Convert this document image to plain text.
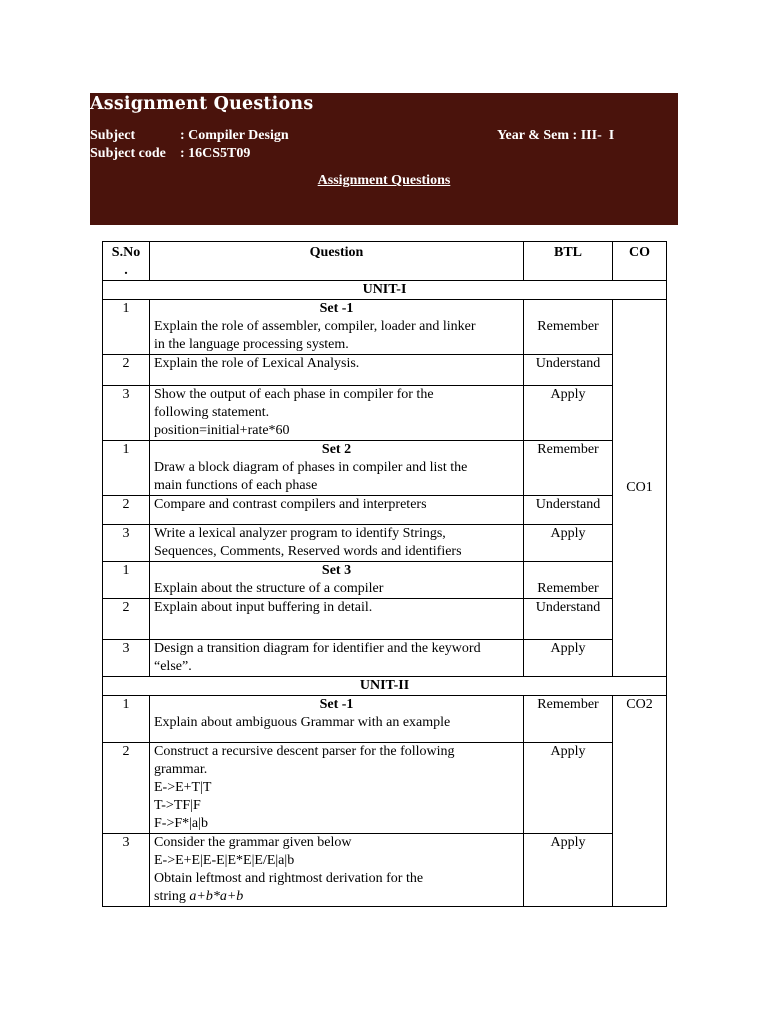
Assignment Questions
Subject	: Compiler Design
Subject code : 16CS5T09
Year & Sem : III-  I
Assignment Questions
S.No
.	Question	BTL	CO
UNIT-I			
1	Set -1
Explain the role of assembler, compiler, loader and linker
in the language processing system.	Remember	CO1
2	Explain the role of Lexical Analysis.	Understand	
3	Show the output of each phase in compiler for the
following statement.
position=initial+rate*60	Apply	
1	Set 2
Draw a block diagram of phases in compiler and list the
main functions of each phase	Remember	
2	Compare and contrast compilers and interpreters	Understand	
3	Write a lexical analyzer program to identify Strings,
Sequences, Comments, Reserved words and identifiers	Apply	
1	Set 3
Explain about the structure of a compiler	Remember	
2	Explain about input buffering in detail.	Understand	
3	Design a transition diagram for identifier and the keyword
“else”.	Apply	
UNIT-II			
1	Set -1
Explain about ambiguous Grammar with an example	Remember	CO2
2	Construct a recursive descent parser for the following
grammar.
E->E+T|T
T->TF|F
F->F*|a|b	Apply	
3	Consider the grammar given below
E->E+E|E-E|E*E|E/E|a|b
Obtain leftmost and rightmost derivation for the
string a+b*a+b	Apply	
